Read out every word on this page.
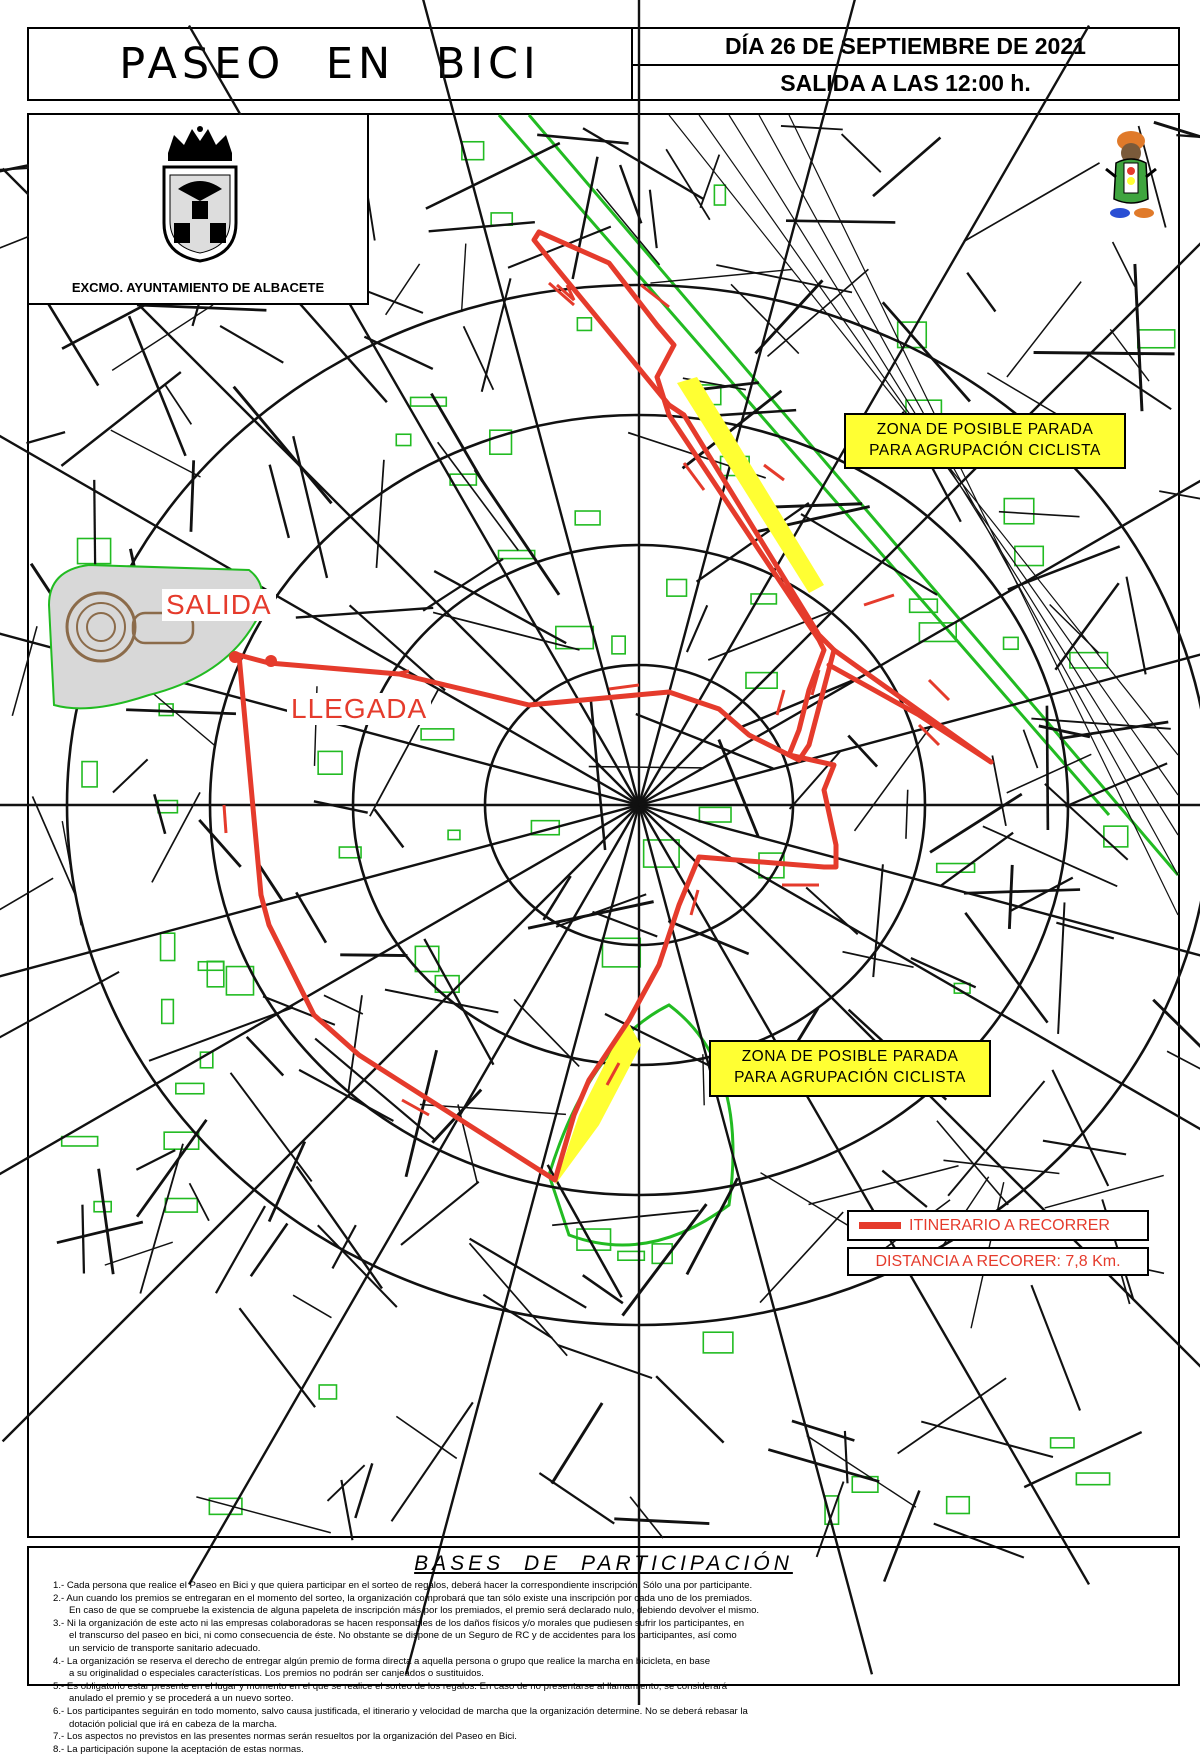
PASEO EN BICI	DÍA 26 DE SEPTIEMBRE DE 2021
SALIDA A LAS 12:00 h.
EXCMO. AYUNTAMIENTO DE ALBACETE
SALIDA
LLEGADA
ZONA DE POSIBLE PARADA
PARA AGRUPACIÓN CICLISTA
ZONA DE POSIBLE PARADA
PARA AGRUPACIÓN CICLISTA
ITINERARIO A RECORRER
DISTANCIA A RECORER: 7,8 Km.
BASES DE PARTICIPACIÓN

1.- Cada persona que realice el Paseo en Bici y que quiera participar en el sorteo de regalos, deberá hacer la correspondiente inscripción. Sólo una por participante.

2.- Aun cuando los premios se entregaran en el momento del sorteo, la organización comprobará que tan sólo existe una inscripción por cada uno de los premiados.
En caso de que se compruebe la existencia de alguna papeleta de inscripción más por los premiados, el premio será declarado nulo, debiendo devolver el mismo.

3.- Ni la organización de este acto ni las empresas colaboradoras se hacen responsables de los daños físicos y/o morales que pudiesen sufrir los participantes, en
el transcurso del paseo en bici, ni como consecuencia de éste. No obstante se dispone de un Seguro de RC y de accidentes para los participantes, así como
un servicio de transporte sanitario adecuado.

4.- La organización se reserva el derecho de entregar algún premio de forma directa a aquella persona o grupo que realice la marcha en bicicleta, en base
a su originalidad o especiales características. Los premios no podrán ser canjeados o sustituidos.

5.- Es obligatorio estar presente en el lugar y momento en el que se realice el sorteo de los regalos. En caso de no presentarse al llamamiento, se considerará
anulado el premio y se procederá a un nuevo sorteo.

6.- Los participantes seguirán en todo momento, salvo causa justificada, el itinerario y velocidad de marcha que la organización determine. No se deberá rebasar la
dotación policial que irá en cabeza de la marcha.

7.- Los aspectos no previstos en las presentes normas serán resueltos por la organización del Paseo en Bici.

8.- La participación supone la aceptación de estas normas.
